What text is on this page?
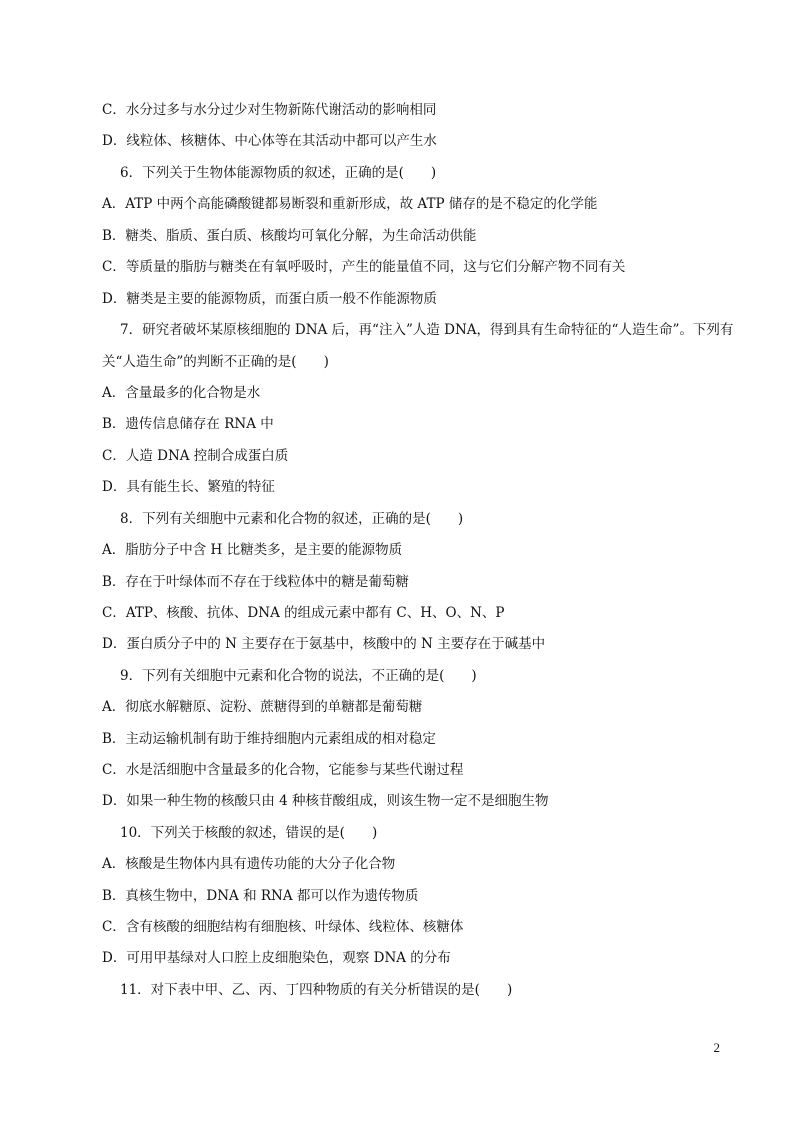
C．水分过多与水分过少对生物新陈代谢活动的影响相同
D．线粒体、核糖体、中心体等在其活动中都可以产生水
6．下列关于生物体能源物质的叙述，正确的是(　　)
A．ATP 中两个高能磷酸键都易断裂和重新形成，故 ATP 储存的是不稳定的化学能
B．糖类、脂质、蛋白质、核酸均可氧化分解，为生命活动供能
C．等质量的脂肪与糖类在有氧呼吸时，产生的能量值不同，这与它们分解产物不同有关
D．糖类是主要的能源物质，而蛋白质一般不作能源物质
7．研究者破坏某原核细胞的 DNA 后，再“注入”人造 DNA，得到具有生命特征的“人造生命”。下列有
关“人造生命”的判断不正确的是(　　)
A．含量最多的化合物是水
B．遗传信息储存在 RNA 中
C．人造 DNA 控制合成蛋白质
D．具有能生长、繁殖的特征
8．下列有关细胞中元素和化合物的叙述，正确的是(　　)
A．脂肪分子中含 H 比糖类多，是主要的能源物质
B．存在于叶绿体而不存在于线粒体中的糖是葡萄糖
C．ATP、核酸、抗体、DNA 的组成元素中都有 C、H、O、N、P
D．蛋白质分子中的 N 主要存在于氨基中，核酸中的 N 主要存在于碱基中
9．下列有关细胞中元素和化合物的说法，不正确的是(　　)
A．彻底水解糖原、淀粉、蔗糖得到的单糖都是葡萄糖
B．主动运输机制有助于维持细胞内元素组成的相对稳定
C．水是活细胞中含量最多的化合物，它能参与某些代谢过程
D．如果一种生物的核酸只由 4 种核苷酸组成，则该生物一定不是细胞生物
10．下列关于核酸的叙述，错误的是(　　)
A．核酸是生物体内具有遗传功能的大分子化合物
B．真核生物中，DNA 和 RNA 都可以作为遗传物质
C．含有核酸的细胞结构有细胞核、叶绿体、线粒体、核糖体
D．可用甲基绿对人口腔上皮细胞染色，观察 DNA 的分布
11．对下表中甲、乙、丙、丁四种物质的有关分析错误的是(　　)
2
